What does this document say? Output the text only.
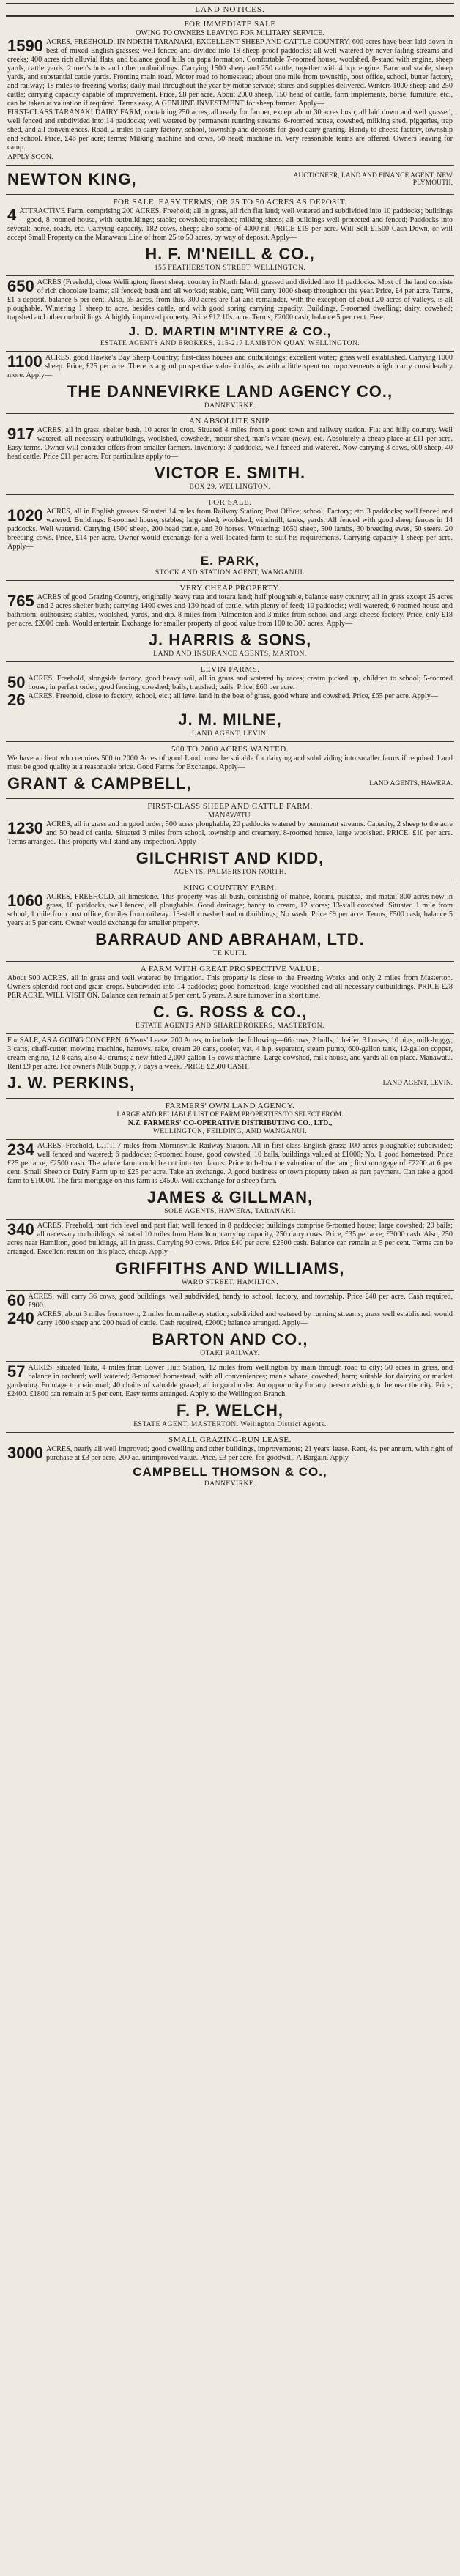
LAND NOTICES.
FOR IMMEDIATE SALE
OWING TO OWNERS LEAVING FOR MILITARY SERVICE.

1590 ACRES, FREEHOLD, IN NORTH TARANAKI, EXCELLENT SHEEP AND CATTLE COUNTRY, 600 acres have been laid down in best of mixed English grasses; well fenced and divided into 19 sheep-proof paddocks; all well watered by never-failing streams and creeks; 400 acres rich alluvial flats, and balance good hills on papa formation. Comfortable 7-roomed house, woolshed, 8-stand with engine, sheep yards, cattle yards, 2 men's huts and other outbuildings. Carrying 1500 sheep and 250 cattle, together with 4 h.p. engine. Barn and stable, sheep yards, and substantial cattle yards. Fronting main road. Motor road to homestead; about one mile from township, post office, school, butter factory, and railway; 18 miles to freezing works; daily mail throughout the year by motor service; stores and supplies delivered. Winters 1000 sheep and 250 cattle; carrying capacity capable of improvement. Price, £8 per acre. About 2000 sheep, 150 head of cattle, farm implements, horse, furniture, etc., can be taken at valuation if required. Terms easy, A GENUINE INVESTMENT for sheep farmer. Apply—

FIRST-CLASS TARANAKI DAIRY FARM, containing 250 acres, all ready for farmer, except about 30 acres bush; all laid down and well grassed, well fenced and subdivided into 14 paddocks; well watered by permanent running streams. 6-roomed house, cowshed, milking shed, piggeries, trap shed, and all conveniences. Road, 2 miles to dairy factory, school, township and deposits for good dairy grazing. Handy to cheese factory, township and school. Price, £46 per acre; terms; Milking machine and cows, 50 head; machine in. Very reasonable terms are offered. Owners leaving for camp.

APPLY SOON.
NEWTON KING,	AUCTIONEER, LAND AND FINANCE AGENT, NEW PLYMOUTH.
FOR SALE, EASY TERMS, OR 25 TO 50 ACRES AS DEPOSIT.

4 ATTRACTIVE Farm, comprising 200 ACRES, Freehold; all in grass, all rich flat land; well watered and subdivided into 10 paddocks; buildings—good, 8-roomed house, with outbuildings; stable; cowshed; trapshed; milking sheds; all buildings well protected and fenced; Paddocks into several; horse, roads, etc. Carrying capacity, 182 cows, sheep; also some of 4000 nil. PRICE £19 per acre. Will Sell £1500 Cash Down, or will accept Small Property on the Manawatu Line of from 25 to 50 acres, by way of deposit. Apply—

H. F. M'NEILL & CO.,
155 FEATHERSTON STREET, WELLINGTON.

650 ACRES (Freehold, close Wellington; finest sheep country in North Island; grassed and divided into 11 paddocks. Most of the land consists of rich chocolate loams; all fenced; bush and all worked; stable, cart; Will carry 1000 sheep throughout the year. Price, £4 per acre. Terms, £1 a deposit, balance 5 per cent. Also, 65 acres, from this. 300 acres are flat and remainder, with the exception of about 20 acres of valleys, is all ploughable. Wintering 1 sheep to acre, besides cattle, and with good spring carrying capacity. Buildings, 5-roomed dwelling; dairy, cowshed; trapshed and other outbuildings. A highly improved property. Price £12 10s. acre. Terms, £2000 cash, balance 5 per cent. Free.

J. D. MARTIN M'INTYRE & CO.,
ESTATE AGENTS AND BROKERS, 215-217 LAMBTON QUAY, WELLINGTON.

1100 ACRES, good Hawke's Bay Sheep Country; first-class houses and outbuildings; excellent water; grass well established. Carrying 1000 sheep. Price, £25 per acre. There is a good prospective value in this, as with a little spent on improvements might carry considerably more. Apply—

THE DANNEVIRKE LAND AGENCY CO.,
DANNEVIRKE.
AN ABSOLUTE SNIP.

917 ACRES, all in grass, shelter bush, 10 acres in crop. Situated 4 miles from a good town and railway station. Flat and hilly country. Well watered, all necessary outbuildings, woolshed, cowsheds, motor shed, man's whare (new), etc. Absolutely a cheap place at £11 per acre. Easy terms. Owner will consider offers from smaller farmers. Inventory: 3 paddocks, well fenced and watered. Now carrying 3 cows, 600 sheep, 40 head cattle. Price £11 per acre. For particulars apply to—

VICTOR E. SMITH.
BOX 29, WELLINGTON.
FOR SALE.

1020 ACRES, all in English grasses. Situated 14 miles from Railway Station; Post Office; school; Factory; etc. 3 paddocks; well fenced and watered. Buildings: 8-roomed house; stables; large shed; woolshed; windmill, tanks, yards. All fenced with good sheep fences in 14 paddocks. Well watered. Carrying 1500 sheep, 200 head cattle, and 30 horses. Wintering: 1650 sheep, 500 lambs, 30 breeding ewes, 50 steers, 20 breeding cows. Price, £14 per acre. Owner would exchange for a well-located farm to suit his requirements. Carrying capacity 1 sheep per acre. Apply—

E. PARK,
STOCK AND STATION AGENT, WANGANUI.
VERY CHEAP PROPERTY.

765 ACRES of good Grazing Country, originally heavy rata and totara land; half ploughable, balance easy country; all in grass except 25 acres and 2 acres shelter bush; carrying 1400 ewes and 130 head of cattle, with plenty of feed; 10 paddocks; well watered; 6-roomed house and bathroom; outhouses; stables, woolshed, yards, and dip. 8 miles from Palmerston and 3 miles from school and large cheese factory. Price, only £18 per acre. £2000 cash. Would entertain Exchange for smaller property of good value from 100 to 300 acres. Apply—

J. HARRIS & SONS,
LAND AND INSURANCE AGENTS, MARTON.
LEVIN FARMS.

50 ACRES, Freehold, alongside factory, good heavy soil, all in grass and watered by races; cream picked up, children to school; 5-roomed house; in perfect order, good fencing; cowshed; bails, trapshed; bails. Price, £60 per acre.

26 ACRES, Freehold, close to factory, school, etc.; all level land in the best of grass, good whare and cowshed. Price, £65 per acre. Apply—

J. M. MILNE,
LAND AGENT, LEVIN.
500 TO 2000 ACRES WANTED.

We have a client who requires 500 to 2000 Acres of good Land; must be suitable for dairying and subdividing into smaller farms if required. Land must be good quality at a reasonable price. Good Farms for Exchange. Apply—

GRANT & CAMPBELL,	LAND AGENTS, HAWERA.
FIRST-CLASS SHEEP AND CATTLE FARM.
MANAWATU.

1230 ACRES, all in grass and in good order; 500 acres ploughable, 20 paddocks watered by permanent streams. Capacity, 2 sheep to the acre and 50 head of cattle. Situated 3 miles from school, township and creamery. 8-roomed house, large woolshed. PRICE, £10 per acre. Terms arranged. This property will stand any inspection. Apply—

GILCHRIST AND KIDD,
AGENTS, PALMERSTON NORTH.
KING COUNTRY FARM.

1060 ACRES, FREEHOLD, all limestone. This property was all bush, consisting of mahoe, konini, pukatea, and matai; 800 acres now in grass, 10 paddocks, well fenced, all ploughable. Good drainage; handy to cream, 12 stores; 13-stall cowshed. Situated 1 mile from school, 1 mile from post office, 6 miles from railway. 13-stall cowshed and outbuildings; No wash; Price £9 per acre. Terms, £500 cash, balance 5 years at 5 per cent. Owner would exchange for smaller property.

BARRAUD AND ABRAHAM, LTD.
TE KUITI.
A FARM WITH GREAT PROSPECTIVE VALUE.

About 500 ACRES, all in grass and well watered by irrigation. This property is close to the Freezing Works and only 2 miles from Masterton. Owners splendid root and grain crops. Subdivided into 14 paddocks; good homestead, large woolshed and all necessary outbuildings. PRICE £28 PER ACRE. WILL VISIT ON. Balance can remain at 5 per cent. 5 years. A sure turnover in a short time.

C. G. ROSS & CO.,
ESTATE AGENTS AND SHAREBROKERS, MASTERTON.

For SALE, AS A GOING CONCERN, 6 Years' Lease, 200 Acres, to include the following—66 cows, 2 bulls, 1 heifer, 3 horses, 10 pigs, milk-buggy, 3 carts, chaff-cutter, mowing machine, harrows, rake, cream 20 cans, cooler, vat, 4 h.p. separator, steam pump, 600-gallon tank, 12-gallon copper, cream-engine, 12-8 cans, also 40 drums; a new fitted 2,000-gallon 15-cows machine. Large cowshed, milk house, and yards all on place. Manawatu. Rent £9 per acre. For owner's Milk Supply, 7 days a week. PRICE £2500 CASH.

J. W. PERKINS,	LAND AGENT, LEVIN.
FARMERS' OWN LAND AGENCY.
LARGE AND RELIABLE LIST OF FARM PROPERTIES TO SELECT FROM.
N.Z. FARMERS' CO-OPERATIVE DISTRIBUTING CO., LTD.,
WELLINGTON, FEILDING, AND WANGANUI.

234 ACRES, Freehold, L.T.T. 7 miles from Morrinsville Railway Station. All in first-class English grass; 100 acres ploughable; subdivided; well fenced and watered; 6 paddocks; 6-roomed house, good cowshed, 10 bails, buildings valued at £1000; No. 1 good homestead. Price £25 per acre, £2500 cash. The whole farm could be cut into two farms. Price to below the valuation of the land; first mortgage of £2200 at 6 per cent. Small Sheep or Dairy Farm up to £25 per acre. Take an exchange. A good business or town property taken as part payment. Can take a good farm to £10000. The first mortgage on this farm is £4500. Will exchange for a sheep farm.

JAMES & GILLMAN,
SOLE AGENTS, HAWERA, TARANAKI.

340 ACRES, Freehold, part rich level and part flat; well fenced in 8 paddocks; buildings comprise 6-roomed house; large cowshed; 20 bails; all necessary outbuildings; situated 10 miles from Hamilton; carrying capacity, 250 dairy cows. Price, £35 per acre; £3000 cash. Also, 250 acres near Hamilton, good buildings, all in grass. Carrying 90 cows. Price £40 per acre. £2500 cash. Balance can remain at 5 per cent. Terms can be arranged. Excellent return on this place, cheap. Apply—

GRIFFITHS AND WILLIAMS,
WARD STREET, HAMILTON.

60 ACRES, will carry 36 cows, good buildings, well subdivided, handy to school, factory, and township. Price £40 per acre. Cash required, £900.

240 ACRES, about 3 miles from town, 2 miles from railway station; subdivided and watered by running streams; grass well established; would carry 1600 sheep and 200 head of cattle. Cash required, £2000; balance arranged. Apply—

BARTON AND CO.,
OTAKI RAILWAY.

57 ACRES, situated Taita, 4 miles from Lower Hutt Station, 12 miles from Wellington by main through road to city; 50 acres in grass, and balance in orchard; well watered; 8-roomed homestead, with all conveniences; man's whare, cowshed, barn; suitable for dairying or market gardening. Frontage to main road; 40 chains of valuable gravel; all in good order. An opportunity for any person wishing to be near the city. Price, £2400. £1800 can remain at 5 per cent. Easy terms arranged. Apply to the Wellington Branch.

F. P. WELCH,
ESTATE AGENT, MASTERTON. Wellington District Agents.
SMALL GRAZING-RUN LEASE.

3000 ACRES, nearly all well improved; good dwelling and other buildings, improvements; 21 years' lease. Rent, 4s. per annum, with right of purchase at £3 per acre, 200 ac. unimproved value. Price, £3 per acre, for goodwill. A Bargain. Apply—

CAMPBELL THOMSON & CO.,
DANNEVIRKE.
